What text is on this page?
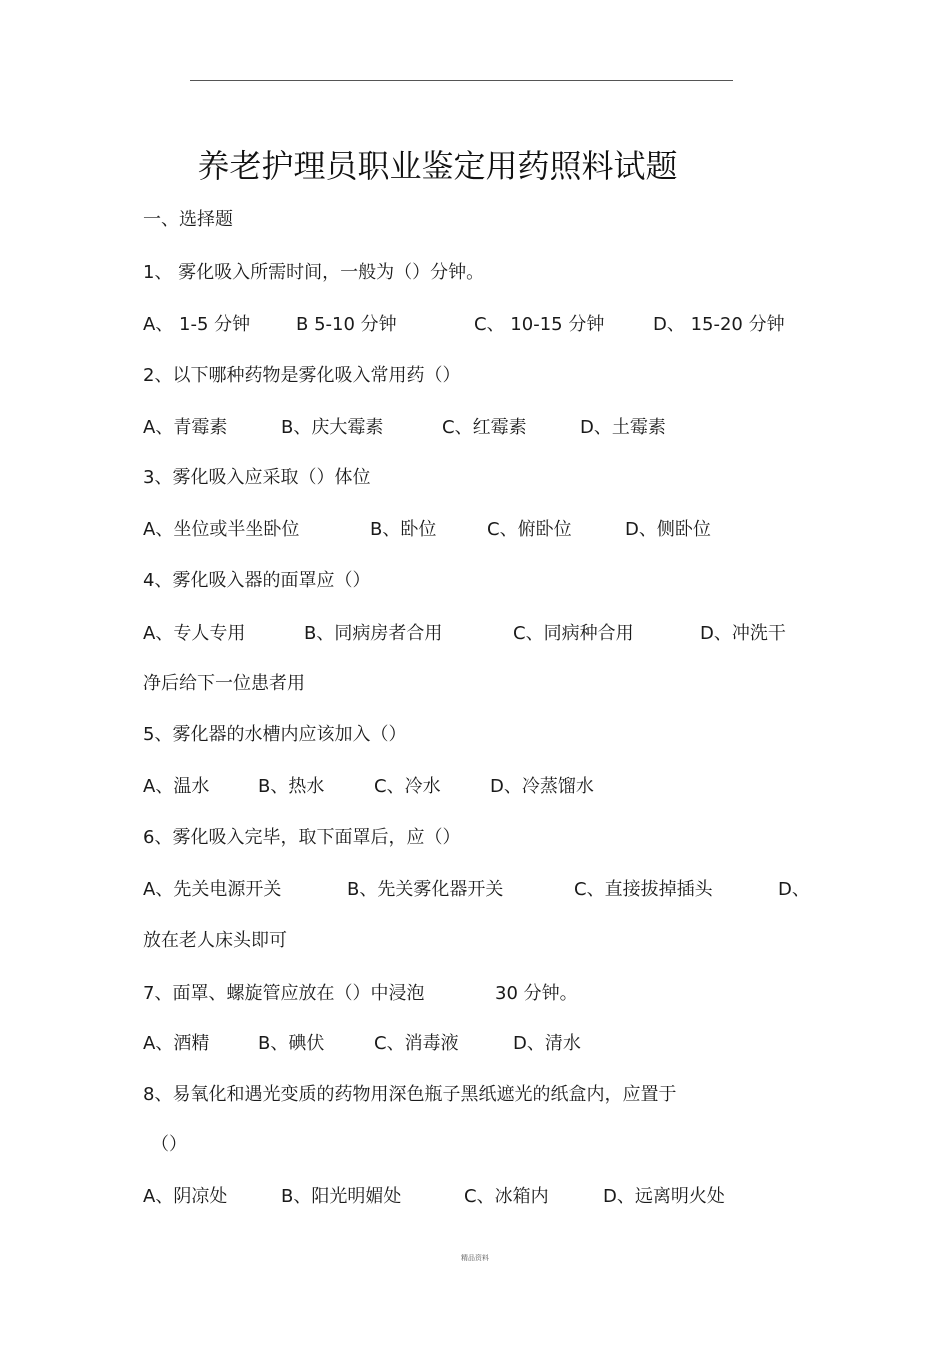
养老护理员职业鉴定用药照料试题
一、选择题
1、 雾化吸入所需时间，一般为（）分钟。
A、 1-5 分钟	B 5-10 分钟	C、 10-15 分钟	D、 15-20 分钟
2、以下哪种药物是雾化吸入常用药（）
A、青霉素	B、庆大霉素	C、红霉素	D、土霉素
3、雾化吸入应采取（）体位
A、坐位或半坐卧位	B、卧位	C、俯卧位	D、侧卧位
4、雾化吸入器的面罩应（）
A、专人专用	B、同病房者合用	C、同病种合用	D、冲洗干
净后给下一位患者用
5、雾化器的水槽内应该加入（）
A、温水	B、热水	C、冷水	D、冷蒸馏水
6、雾化吸入完毕，取下面罩后，应（）
A、先关电源开关	B、先关雾化器开关	C、直接拔掉插头	D、
放在老人床头即可
7、面罩、螺旋管应放在（）中浸泡	30 分钟。
A、酒精	B、碘伏	C、消毒液	D、清水
8、易氧化和遇光变质的药物用深色瓶子黑纸遮光的纸盒内，应置于
（）
A、阴凉处	B、阳光明媚处	C、冰箱内	D、远离明火处
精品资料
